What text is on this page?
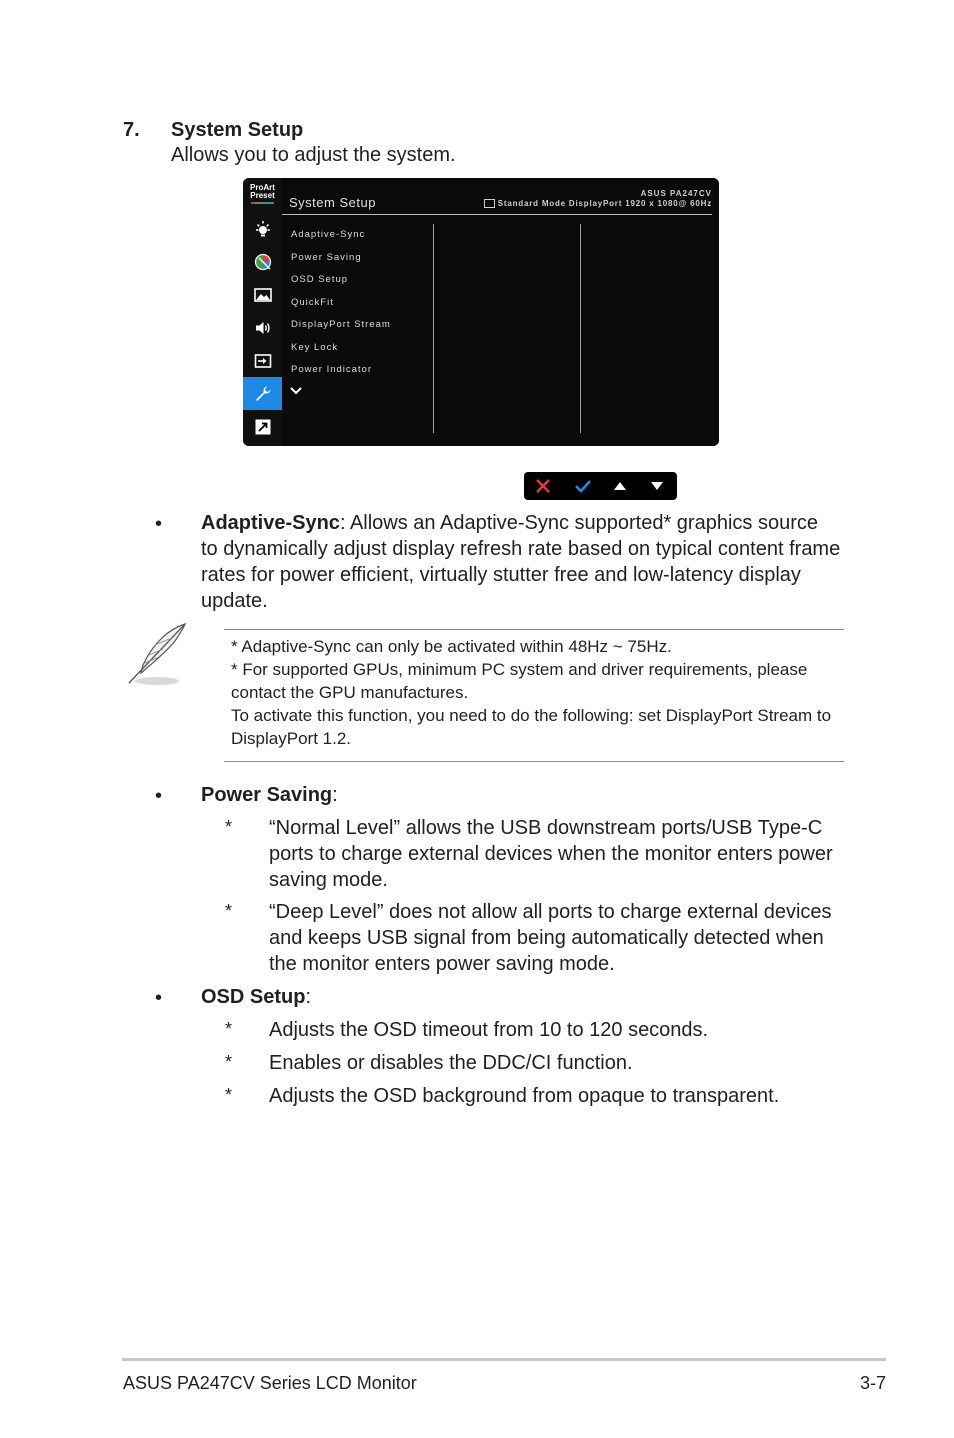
7. System Setup
Allows you to adjust the system.
ProArt
Preset System Setup
ASUS PA247CV
Standard Mode DisplayPort 1920 x 1080@ 60Hz
Adaptive-Sync
Power Saving
OSD Setup
QuickFit
DisplayPort Stream
Key Lock
Power Indicator
• Adaptive-Sync: Allows an Adaptive-Sync supported* graphics source
to dynamically adjust display refresh rate based on typical content frame
rates for power efficient, virtually stutter free and low-latency display
update.
* Adaptive-Sync can only be activated within 48Hz ~ 75Hz.
* For supported GPUs, minimum PC system and driver requirements, please
contact the GPU manufactures.
To activate this function, you need to do the following: set DisplayPort Stream to
DisplayPort 1.2.
• Power Saving:
* “Normal Level” allows the USB downstream ports/USB Type-C
ports to charge external devices when the monitor enters power
saving mode.
* “Deep Level” does not allow all ports to charge external devices
and keeps USB signal from being automatically detected when
the monitor enters power saving mode.
• OSD Setup:
* Adjusts the OSD timeout from 10 to 120 seconds.
* Enables or disables the DDC/CI function.
* Adjusts the OSD background from opaque to transparent.
ASUS PA247CV Series LCD Monitor	3-7
